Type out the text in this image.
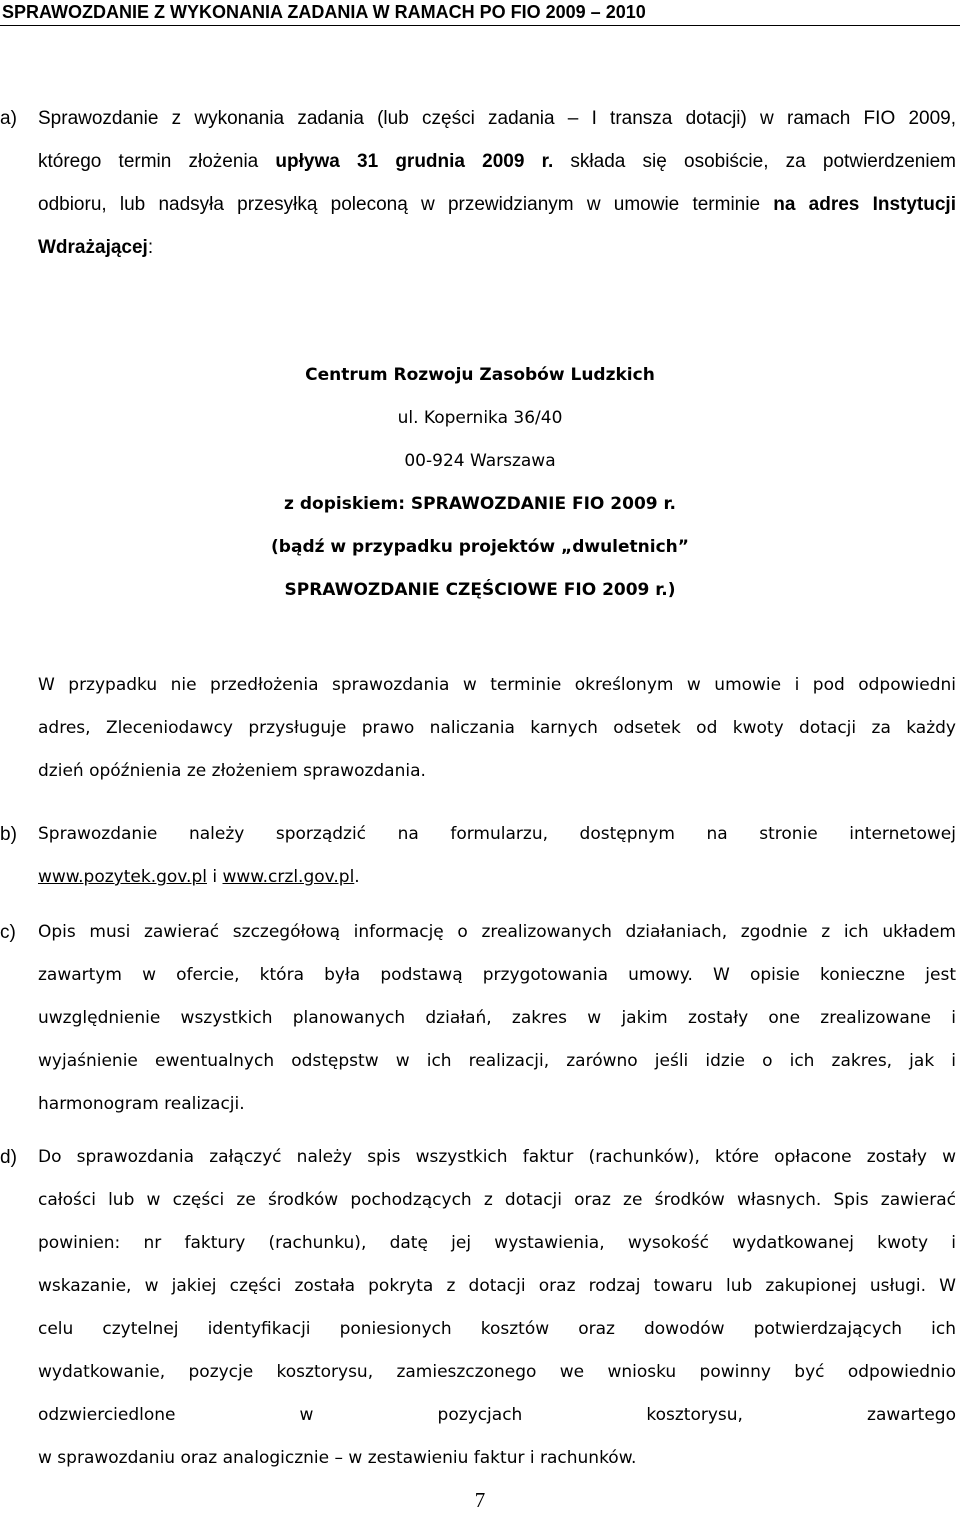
SPRAWOZDANIE Z WYKONANIA ZADANIA W RAMACH PO FIO 2009 – 2010
a) Sprawozdanie z wykonania zadania (lub części zadania – I transza dotacji) w ramach FIO 2009,
którego termin złożenia upływa 31 grudnia 2009 r. składa się osobiście, za potwierdzeniem
odbioru, lub nadsyła przesyłką poleconą w przewidzianym w umowie terminie na adres Instytucji
Wdrażającej:
Centrum Rozwoju Zasobów Ludzkich
ul. Kopernika 36/40
00-924 Warszawa
z dopiskiem: SPRAWOZDANIE FIO 2009 r.
(bądź w przypadku projektów „dwuletnich”
SPRAWOZDANIE CZĘŚCIOWE FIO 2009 r.)
W przypadku nie przedłożenia sprawozdania w terminie określonym w umowie i pod odpowiedni
adres, Zleceniodawcy przysługuje prawo naliczania karnych odsetek od kwoty dotacji za każdy
dzień opóźnienia ze złożeniem sprawozdania.
b) Sprawozdanie należy sporządzić na formularzu, dostępnym na stronie internetowej
www.pozytek.gov.pl i www.crzl.gov.pl.
c) Opis musi zawierać szczegółową informację o zrealizowanych działaniach, zgodnie z ich układem
zawartym w ofercie, która była podstawą przygotowania umowy. W opisie konieczne jest
uwzględnienie wszystkich planowanych działań, zakres w jakim zostały one zrealizowane i
wyjaśnienie ewentualnych odstępstw w ich realizacji, zarówno jeśli idzie o ich zakres, jak i
harmonogram realizacji.
d) Do sprawozdania załączyć należy spis wszystkich faktur (rachunków), które opłacone zostały w
całości lub w części ze środków pochodzących z dotacji oraz ze środków własnych. Spis zawierać
powinien: nr faktury (rachunku), datę jej wystawienia, wysokość wydatkowanej kwoty i
wskazanie, w jakiej części została pokryta z dotacji oraz rodzaj towaru lub zakupionej usługi. W
celu czytelnej identyfikacji poniesionych kosztów oraz dowodów potwierdzających ich
wydatkowanie, pozycje kosztorysu, zamieszczonego we wniosku powinny być odpowiednio
odzwierciedlone w pozycjach kosztorysu, zawartego
w sprawozdaniu oraz analogicznie – w zestawieniu faktur i rachunków.
7
